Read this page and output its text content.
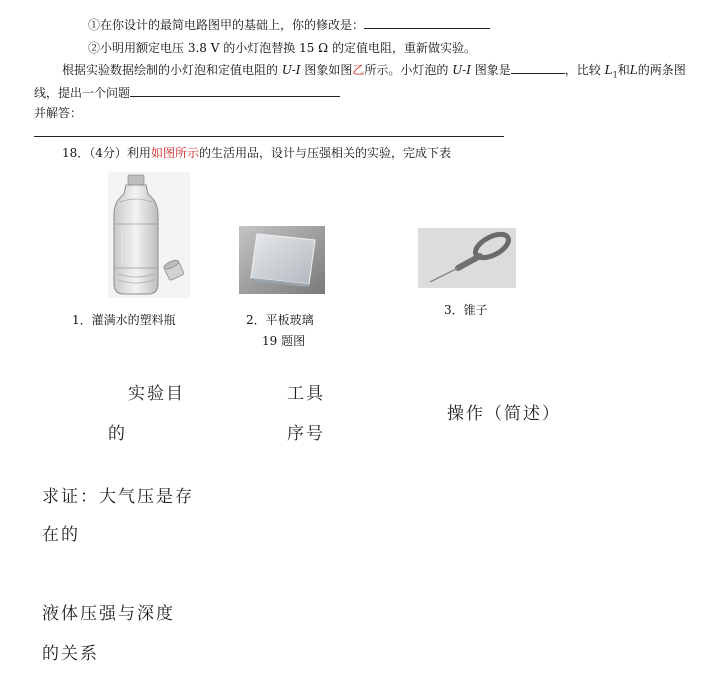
①在你设计的最简电路图甲的基础上，你的修改是：
②小明用额定电压 3.8 V 的小灯泡替换 15 Ω 的定值电阻，重新做实验。
根据实验数据绘制的小灯泡和定值电阻的 U-I 图象如图乙所示。小灯泡的 U-I 图象是	，比较 $L_1$和L的两条图
线，提出一个问题
并解答：
18．（4分）利用如图所示的生活用品，设计与压强相关的实验，完成下表
1．灌满水的塑料瓶	2．平板玻璃
19 题图
3．锥子
实验目
的
工具
序号
操作（简述）
求证：大气压是存
在的
液体压强与深度
的关系
